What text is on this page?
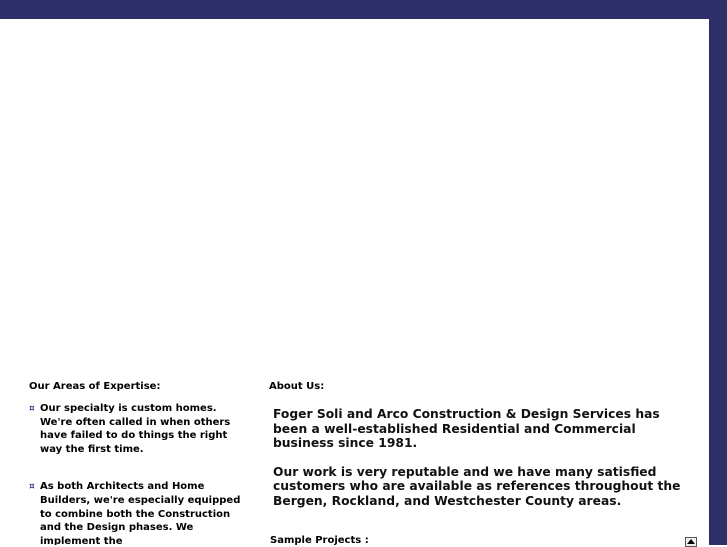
Our Areas of Expertise:
¤ Our specialty is custom homes. We're often called in when others have failed to do things the right way the first time.
¤ As both Architects and Home Builders, we're especially equipped to combine both the Construction and the Design phases. We implement the
About Us:

Foger Soli and Arco Construction & Design Services has been a well-established Residential and Commercial business since 1981.

Our work is very reputable and we have many satisfied customers who are available as references throughout the Bergen, Rockland, and Westchester County areas.

Sample Projects :
